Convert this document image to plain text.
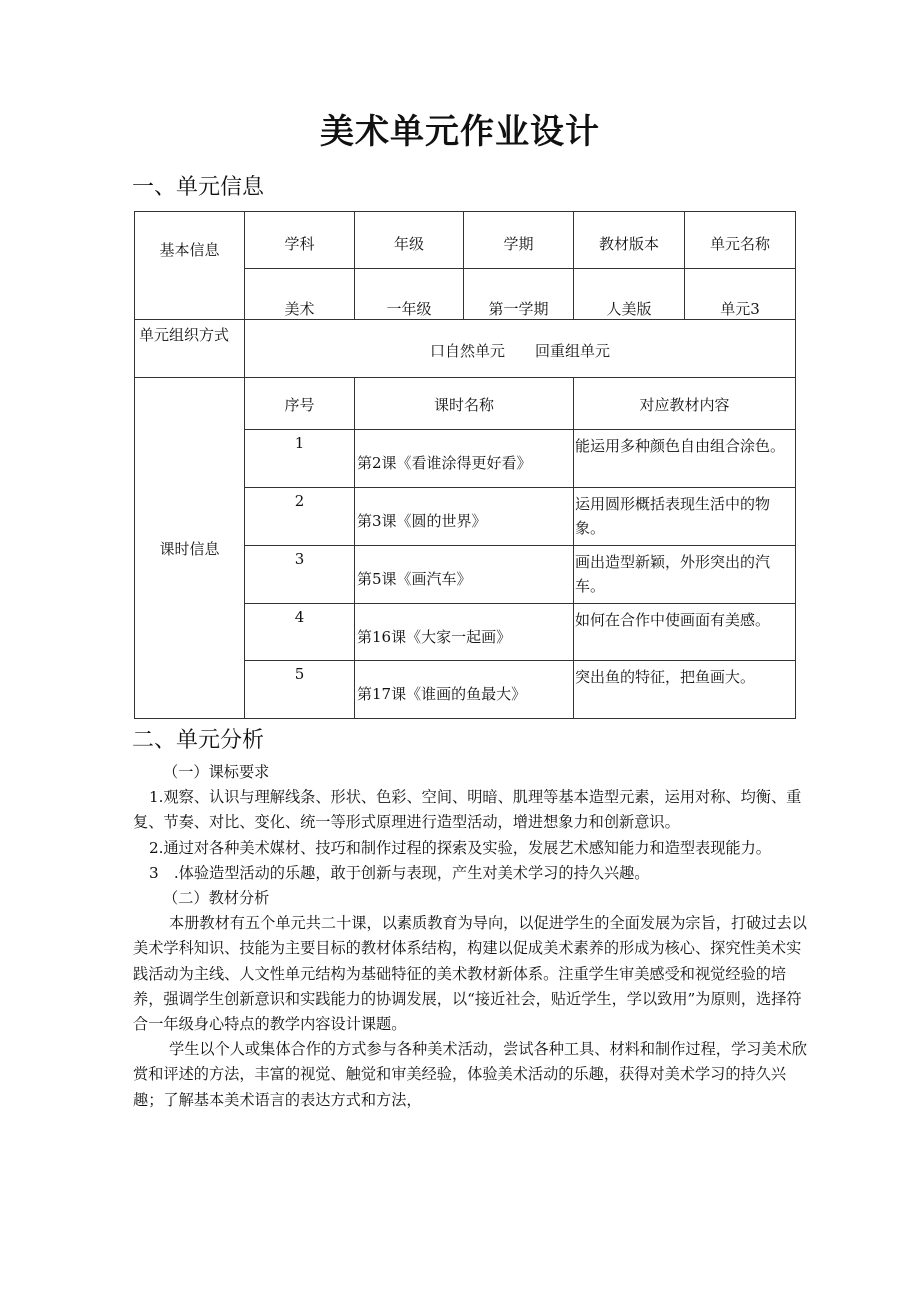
美术单元作业设计
一、单元信息
基本信息	学科	年级	学期	教材版本	单元名称

	美术	一年级	第一学期	人美版	单元3

单元组织方式	口自然单元　　回重组单元				

课时信息	序号	课时名称		对应教材内容	

	1	第2课《看谁涂得更好看》		能运用多种颜色自由组合涂色。	

	2	第3课《圆的世界》		运用圆形概括表现生活中的物象。	

	3	第5课《画汽车》		画出造型新颖，外形突出的汽车。	

	4	第16课《大家一起画》		如何在合作中使画面有美感。	

	5	第17课《谁画的鱼最大》		突出鱼的特征，把鱼画大。	
二、单元分析

（一）课标要求

1.观察、认识与理解线条、形状、色彩、空间、明暗、肌理等基本造型元素，运用对称、均衡、重复、节奏、对比、变化、统一等形式原理进行造型活动，增进想象力和创新意识。

2.通过对各种美术媒材、技巧和制作过程的探索及实验，发展艺术感知能力和造型表现能力。

3　.体验造型活动的乐趣，敢于创新与表现，产生对美术学习的持久兴趣。

（二）教材分析

本册教材有五个单元共二十课，以素质教育为导向，以促进学生的全面发展为宗旨，打破过去以美术学科知识、技能为主要目标的教材体系结构，构建以促成美术素养的形成为核心、探究性美术实践活动为主线、人文性单元结构为基础特征的美术教材新体系。注重学生审美感受和视觉经验的培养，强调学生创新意识和实践能力的协调发展，以“接近社会，贴近学生，学以致用”为原则，选择符合一年级身心特点的教学内容设计课题。

学生以个人或集体合作的方式参与各种美术活动，尝试各种工具、材料和制作过程，学习美术欣赏和评述的方法，丰富的视觉、触觉和审美经验，体验美术活动的乐趣，获得对美术学习的持久兴趣；了解基本美术语言的表达方式和方法，
